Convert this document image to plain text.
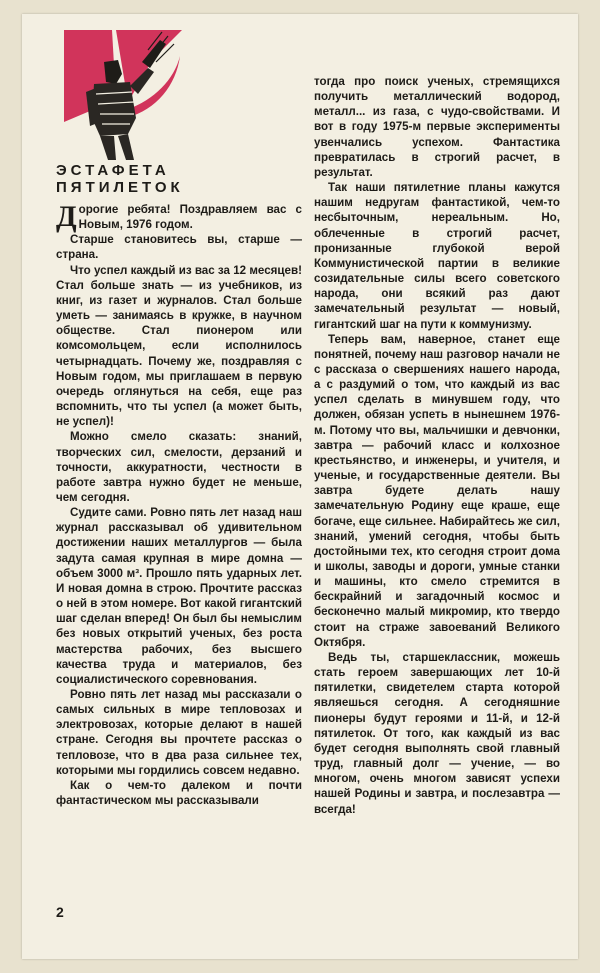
ЭСТАФЕТА
ПЯТИЛЕТОК

Дорогие ребята! Поздравляем вас с Новым, 1976 годом.

Старше становитесь вы, старше — страна.

Что успел каждый из вас за 12 месяцев! Стал больше знать — из учебников, из книг, из газет и журналов. Стал больше уметь — занимаясь в кружке, в научном обществе. Стал пионером или комсомольцем, если исполнилось четырнадцать. Почему же, поздравляя с Новым годом, мы приглашаем в первую очередь оглянуться на себя, еще раз вспомнить, что ты успел (а может быть, не успел)!

Можно смело сказать: знаний, творческих сил, смелости, дерзаний и точности, аккуратности, честности в работе завтра нужно будет не меньше, чем сегодня.

Судите сами. Ровно пять лет назад наш журнал рассказывал об удивительном достижении наших металлургов — была задута самая крупная в мире домна — объем 3000 м³. Прошло пять ударных лет. И новая домна в строю. Прочтите рассказ о ней в этом номере. Вот какой гигантский шаг сделан вперед! Он был бы немыслим без новых открытий ученых, без роста мастерства рабочих, без высшего качества труда и материалов, без социалистического соревнования.

Ровно пять лет назад мы рассказали о самых сильных в мире тепловозах и электровозах, которые делают в нашей стране. Сегодня вы прочтете рассказ о тепловозе, что в два раза сильнее тех, которыми мы гордились совсем недавно.

Как о чем-то далеком и почти фантастическом мы рассказывали

тогда про поиск ученых, стремящихся получить металлический водород, металл... из газа, с чудо-свойствами. И вот в году 1975-м первые эксперименты увенчались успехом. Фантастика превратилась в строгий расчет, в результат.

Так наши пятилетние планы кажутся нашим недругам фантастикой, чем-то несбыточным, нереальным. Но, облеченные в строгий расчет, пронизанные глубокой верой Коммунистической партии в великие созидательные силы всего советского народа, они всякий раз дают замечательный результат — новый, гигантский шаг на пути к коммунизму.

Теперь вам, наверное, станет еще понятней, почему наш разговор начали не с рассказа о свершениях нашего народа, а с раздумий о том, что каждый из вас успел сделать в минувшем году, что должен, обязан успеть в нынешнем 1976-м. Потому что вы, мальчишки и девчонки, завтра — рабочий класс и колхозное крестьянство, и инженеры, и учителя, и ученые, и государственные деятели. Вы завтра будете делать нашу замечательную Родину еще краше, еще богаче, еще сильнее. Набирайтесь же сил, знаний, умений сегодня, чтобы быть достойными тех, кто сегодня строит дома и школы, заводы и дороги, умные станки и машины, кто смело стремится в бескрайний и загадочный космос и бесконечно малый микромир, кто твердо стоит на страже завоеваний Великого Октября.

Ведь ты, старшеклассник, можешь стать героем завершающих лет 10-й пятилетки, свидетелем старта которой являешься сегодня. А сегодняшние пионеры будут героями и 11-й, и 12-й пятилеток. От того, как каждый из вас будет сегодня выполнять свой главный труд, главный долг — учение, — во многом, очень многом зависят успехи нашей Родины и завтра, и послезавтра — всегда!

2
